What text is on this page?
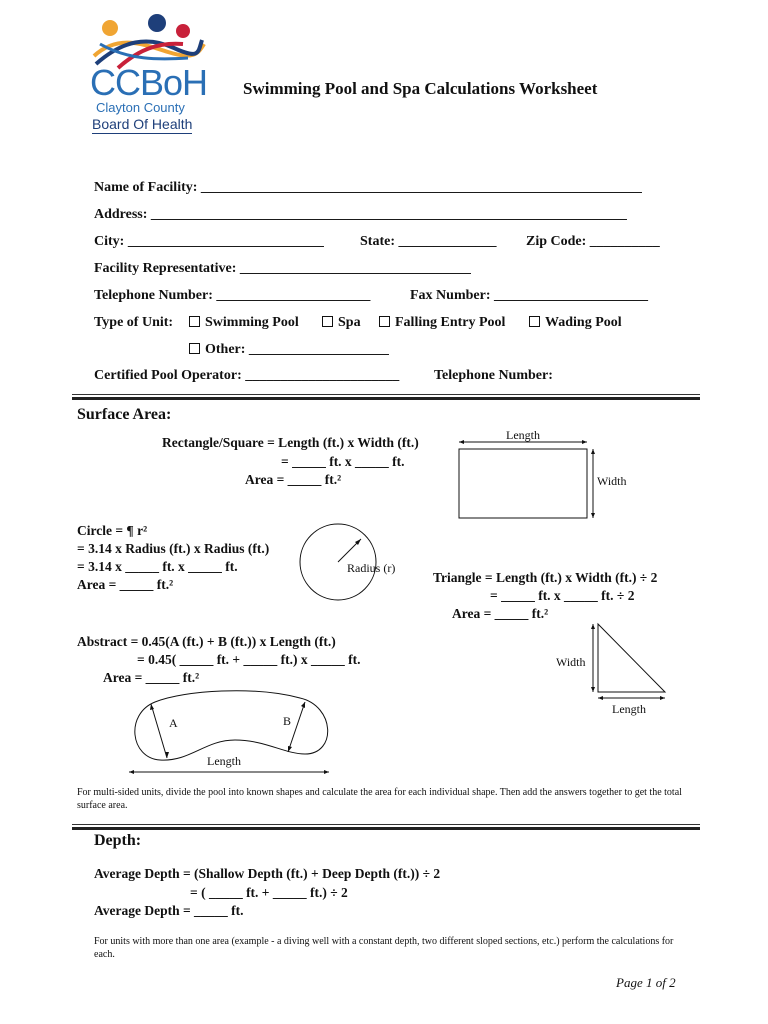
CCBoH
Clayton County
Board Of Health
Swimming Pool and Spa Calculations Worksheet
Name of Facility: _______________________________________________________________
Address: ____________________________________________________________________
City: ____________________________	State: ______________ Zip Code: __________
Facility Representative: _________________________________
Telephone Number: ______________________	Fax Number: ______________________
Type of Unit:	Swimming Pool	Spa	Falling Entry Pool	Wading Pool
Other: ____________________
Certified Pool Operator: ______________________ Telephone Number:
Surface Area:
Rectangle/Square = Length (ft.) x Width (ft.)
= _____ ft. x _____ ft.
Area = _____ ft.²
Length
Width
Circle = ¶ r²
= 3.14 x Radius (ft.) x Radius (ft.)
= 3.14 x _____ ft. x _____ ft.
Area = _____ ft.²
Radius (r)
Triangle = Length (ft.) x Width (ft.) ÷ 2
= _____ ft. x _____ ft. ÷ 2
Area = _____ ft.²
Width
Length
Abstract = 0.45(A (ft.) + B (ft.)) x Length (ft.)
= 0.45( _____ ft. + _____ ft.) x _____ ft.
Area = _____ ft.²
A	B
Length
For multi-sided units, divide the pool into known shapes and calculate the area for each individual shape. Then add the answers together to get the total surface area.
Depth:
Average Depth = (Shallow Depth (ft.) + Deep Depth (ft.)) ÷ 2
= ( _____ ft. + _____ ft.) ÷ 2
Average Depth = _____ ft.
For units with more than one area (example - a diving well with a constant depth, two different sloped sections, etc.) perform the calculations for each.
Page 1 of 2
